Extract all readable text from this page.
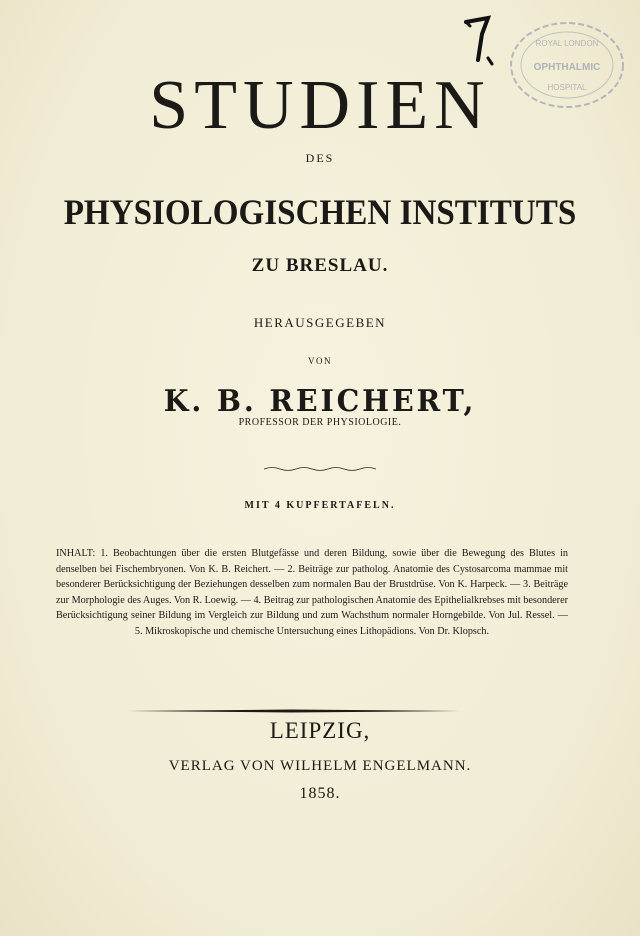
ROYAL LONDON
OPHTHALMIC
HOSPITAL
STUDIEN
DES
PHYSIOLOGISCHEN INSTITUTS
ZU BRESLAU.
HERAUSGEGEBEN
VON
K. B. REICHERT,
PROFESSOR DER PHYSIOLOGIE.
MIT 4 KUPFERTAFELN.
INHALT: 1. Beobachtungen über die ersten Blutgefässe und deren Bildung, sowie über die Bewegung des Blutes in denselben bei Fischembryonen. Von K. B. Reichert. — 2. Beiträge zur patholog. Anatomie des Cystosarcoma mammae mit besonderer Berücksichtigung der Beziehungen desselben zum normalen Bau der Brustdrüse. Von K. Harpeck. — 3. Beiträge zur Morphologie des Auges. Von R. Loewig. — 4. Beitrag zur pathologischen Anatomie des Epithelialkrebses mit besonderer Berücksichtigung seiner Bildung im Vergleich zur Bildung und zum Wachsthum normaler Horngebilde. Von Jul. Ressel. — 5. Mikroskopische und chemische Untersuchung eines Lithopädions. Von Dr. Klopsch.
LEIPZIG,
VERLAG VON WILHELM ENGELMANN.
1858.
